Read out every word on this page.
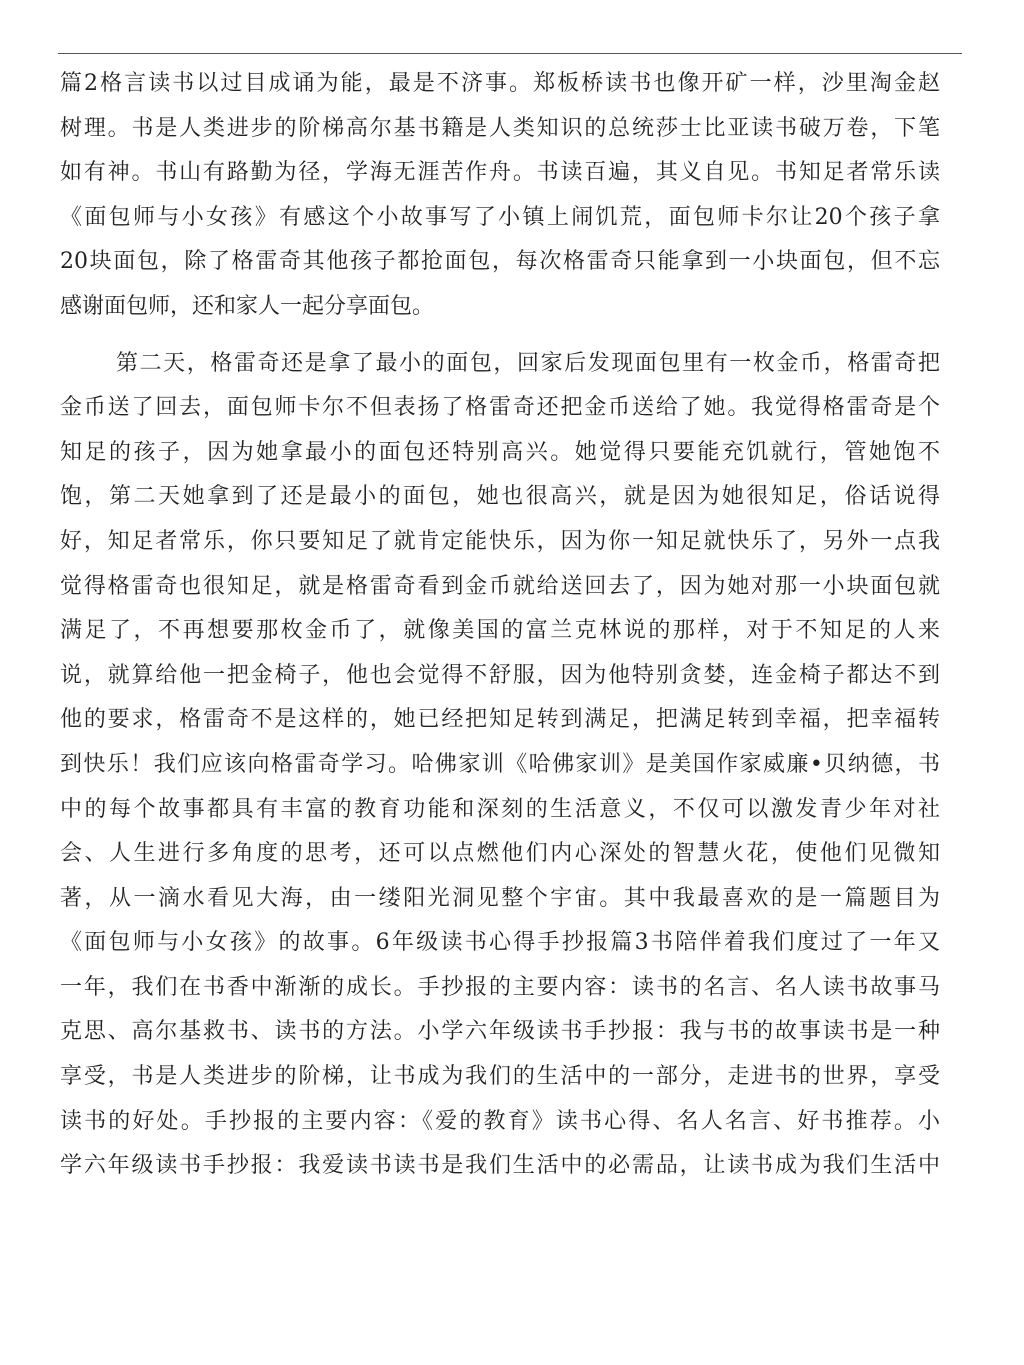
篇2格言读书以过目成诵为能，最是不济事。郑板桥读书也像开矿一样，沙里淘金赵
树理。书是人类进步的阶梯高尔基书籍是人类知识的总统莎士比亚读书破万卷，下笔
如有神。书山有路勤为径，学海无涯苦作舟。书读百遍，其义自见。书知足者常乐读
《面包师与小女孩》有感这个小故事写了小镇上闹饥荒，面包师卡尔让20个孩子拿
20块面包，除了格雷奇其他孩子都抢面包，每次格雷奇只能拿到一小块面包，但不忘
感谢面包师，还和家人一起分享面包。
第二天，格雷奇还是拿了最小的面包，回家后发现面包里有一枚金币，格雷奇把
金币送了回去，面包师卡尔不但表扬了格雷奇还把金币送给了她。我觉得格雷奇是个
知足的孩子，因为她拿最小的面包还特别高兴。她觉得只要能充饥就行，管她饱不
饱，第二天她拿到了还是最小的面包，她也很高兴，就是因为她很知足，俗话说得
好，知足者常乐，你只要知足了就肯定能快乐，因为你一知足就快乐了，另外一点我
觉得格雷奇也很知足，就是格雷奇看到金币就给送回去了，因为她对那一小块面包就
满足了，不再想要那枚金币了，就像美国的富兰克林说的那样，对于不知足的人来
说，就算给他一把金椅子，他也会觉得不舒服，因为他特别贪婪，连金椅子都达不到
他的要求，格雷奇不是这样的，她已经把知足转到满足，把满足转到幸福，把幸福转
到快乐！我们应该向格雷奇学习。哈佛家训《哈佛家训》是美国作家威廉•贝纳德，书
中的每个故事都具有丰富的教育功能和深刻的生活意义，不仅可以激发青少年对社
会、人生进行多角度的思考，还可以点燃他们内心深处的智慧火花，使他们见微知
著，从一滴水看见大海，由一缕阳光洞见整个宇宙。其中我最喜欢的是一篇题目为
《面包师与小女孩》的故事。6年级读书心得手抄报篇3书陪伴着我们度过了一年又
一年，我们在书香中渐渐的成长。手抄报的主要内容：读书的名言、名人读书故事马
克思、高尔基救书、读书的方法。小学六年级读书手抄报：我与书的故事读书是一种
享受，书是人类进步的阶梯，让书成为我们的生活中的一部分，走进书的世界，享受
读书的好处。手抄报的主要内容：《爱的教育》读书心得、名人名言、好书推荐。小
学六年级读书手抄报：我爱读书读书是我们生活中的必需品，让读书成为我们生活中
